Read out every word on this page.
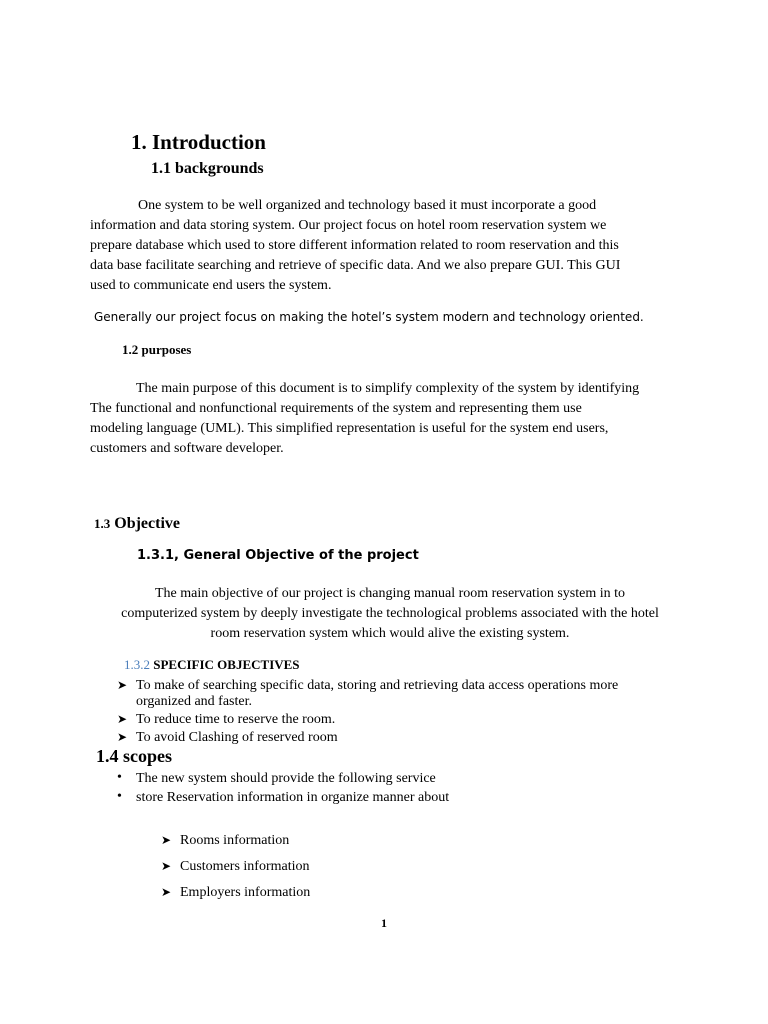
1. Introduction
1.1 backgrounds

One system to be well organized and technology based it must incorporate a good

information and data storing system. Our project focus on hotel room reservation system we

prepare database which used to store different information related to room reservation and this

data base facilitate searching and retrieve of specific data. And we also prepare GUI. This GUI

used to communicate end users the system.

Generally our project focus on making the hotel’s system modern and technology oriented.

1.2 purposes

The main purpose of this document is to simplify complexity of the system by identifying

The functional and nonfunctional requirements of the system and representing them use

modeling language (UML). This simplified representation is useful for the system end users,

customers and software developer.

1.3 Objective
1.3.1, General Objective of the project

The main objective of our project is changing manual room reservation system in to

computerized system by deeply investigate the technological problems associated with the hotel

room reservation system which would alive the existing system.

1.3.2 SPECIFIC OBJECTIVES
➤ To make of searching specific data, storing and retrieving data access operations more
organized and faster.
➤ To reduce time to reserve the room.
➤ To avoid Clashing of reserved room
1.4 scopes
• The new system should provide the following service
• store Reservation information in organize manner about
➤ Rooms information
➤ Customers information
➤ Employers information
1
